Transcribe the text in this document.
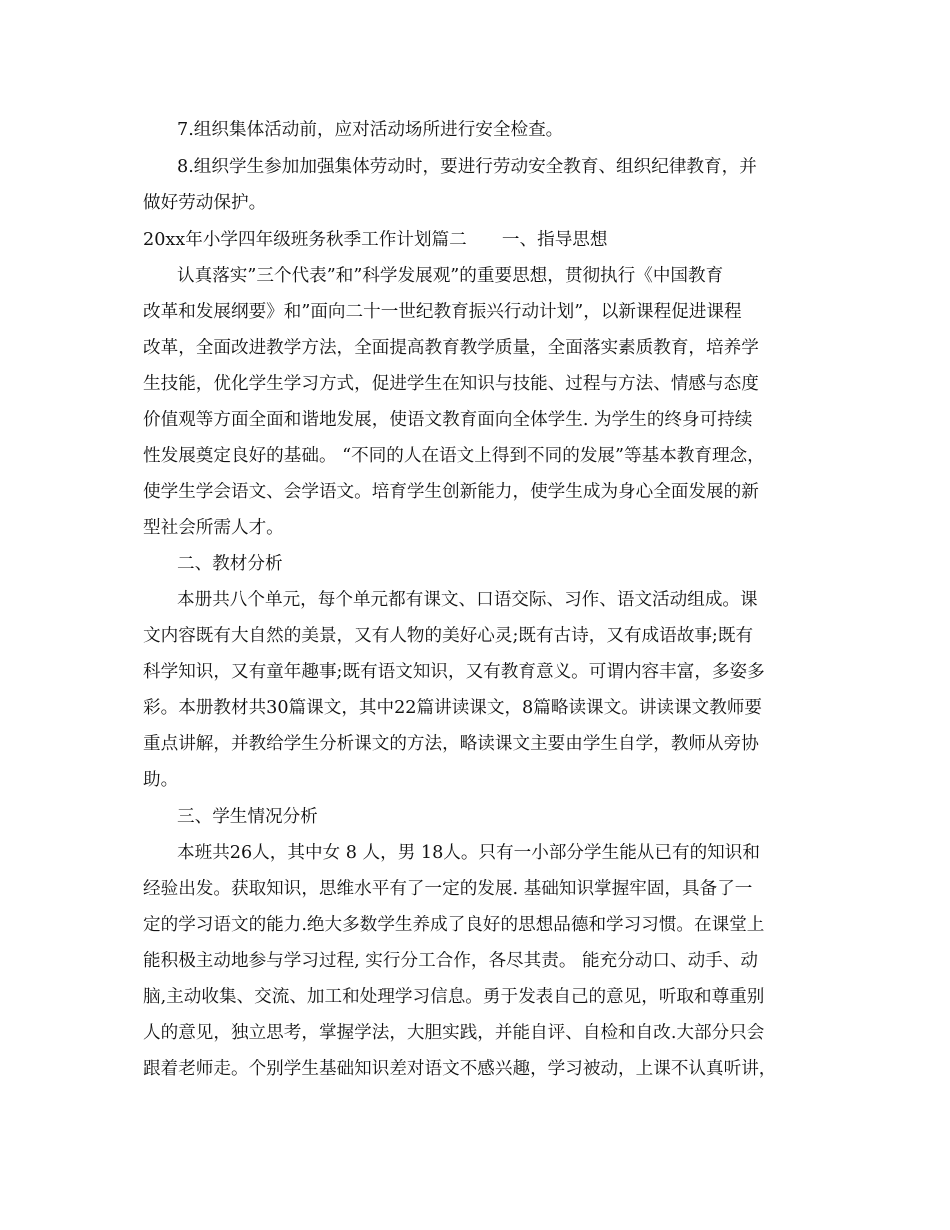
7.组织集体活动前，应对活动场所进行安全检查。
8.组织学生参加加强集体劳动时，要进行劳动安全教育、组织纪律教育，并
做好劳动保护。
20xx年小学四年级班务秋季工作计划篇二　　一、指导思想
认真落实”三个代表”和”科学发展观”的重要思想，贯彻执行《中国教育
改革和发展纲要》和”面向二十一世纪教育振兴行动计划”，以新课程促进课程
改革，全面改进教学方法，全面提高教育教学质量，全面落实素质教育，培养学
生技能，优化学生学习方式，促进学生在知识与技能、过程与方法、情感与态度
价值观等方面全面和谐地发展，使语文教育面向全体学生. 为学生的终身可持续
性发展奠定良好的基础。 “不同的人在语文上得到不同的发展”等基本教育理念，
使学生学会语文、会学语文。培育学生创新能力，使学生成为身心全面发展的新
型社会所需人才。
二、教材分析
本册共八个单元，每个单元都有课文、口语交际、习作、语文活动组成。课
文内容既有大自然的美景，又有人物的美好心灵;既有古诗，又有成语故事;既有
科学知识，又有童年趣事;既有语文知识，又有教育意义。可谓内容丰富，多姿多
彩。本册教材共30篇课文，其中22篇讲读课文，8篇略读课文。讲读课文教师要
重点讲解，并教给学生分析课文的方法，略读课文主要由学生自学，教师从旁协
助。
三、学生情况分析
本班共26人，其中女 8 人，男 18人。只有一小部分学生能从已有的知识和
经验出发。获取知识，思维水平有了一定的发展. 基础知识掌握牢固，具备了一
定的学习语文的能力.绝大多数学生养成了良好的思想品德和学习习惯。在课堂上
能积极主动地参与学习过程, 实行分工合作，各尽其责。 能充分动口、动手、动
脑,主动收集、交流、加工和处理学习信息。勇于发表自己的意见，听取和尊重别
人的意见，独立思考，掌握学法，大胆实践，并能自评、自检和自改.大部分只会
跟着老师走。个别学生基础知识差对语文不感兴趣，学习被动，上课不认真听讲，
